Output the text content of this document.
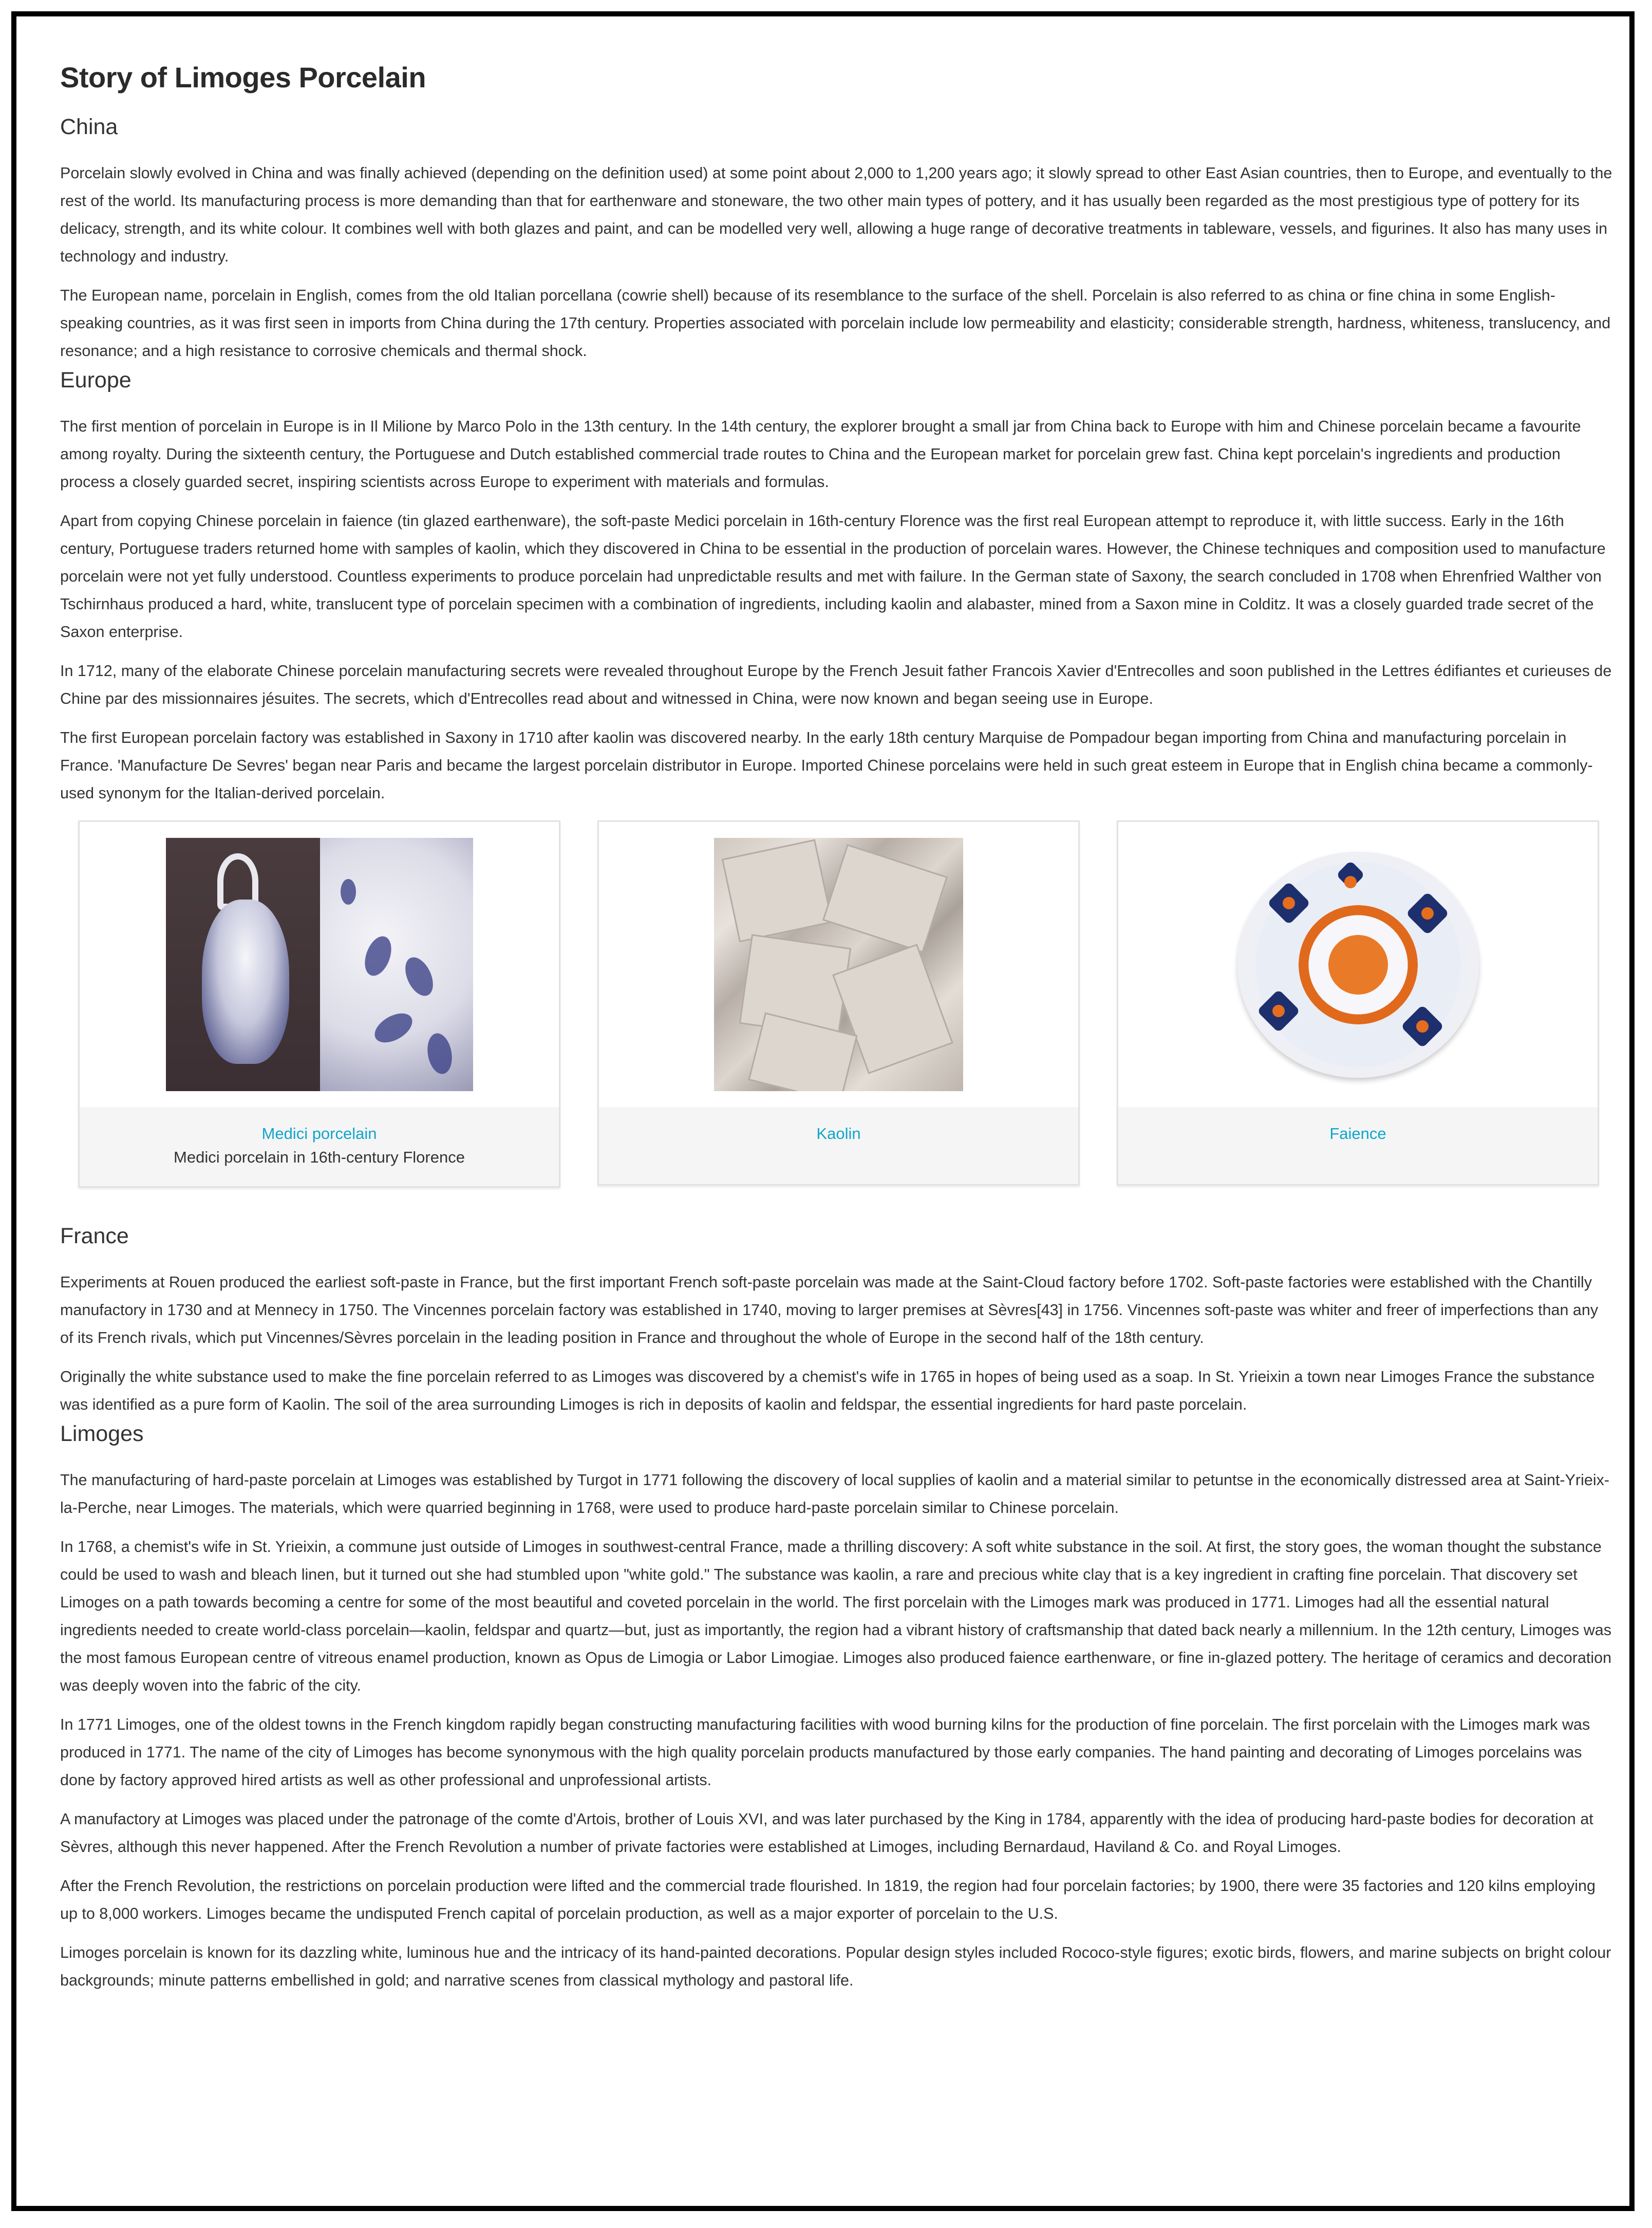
Story of Limoges Porcelain
China

Porcelain slowly evolved in China and was finally achieved (depending on the definition used) at some point about 2,000 to 1,200 years ago; it slowly spread to other East Asian countries, then to Europe, and eventually to the rest of the world. Its manufacturing process is more demanding than that for earthenware and stoneware, the two other main types of pottery, and it has usually been regarded as the most prestigious type of pottery for its delicacy, strength, and its white colour. It combines well with both glazes and paint, and can be modelled very well, allowing a huge range of decorative treatments in tableware, vessels, and figurines. It also has many uses in technology and industry.

The European name, porcelain in English, comes from the old Italian porcellana (cowrie shell) because of its resemblance to the surface of the shell. Porcelain is also referred to as china or fine china in some English-speaking countries, as it was first seen in imports from China during the 17th century. Properties associated with porcelain include low permeability and elasticity; considerable strength, hardness, whiteness, translucency, and resonance; and a high resistance to corrosive chemicals and thermal shock.

Europe

The first mention of porcelain in Europe is in Il Milione by Marco Polo in the 13th century. In the 14th century, the explorer brought a small jar from China back to Europe with him and Chinese porcelain became a favourite among royalty. During the sixteenth century, the Portuguese and Dutch established commercial trade routes to China and the European market for porcelain grew fast. China kept porcelain's ingredients and production process a closely guarded secret, inspiring scientists across Europe to experiment with materials and formulas.

Apart from copying Chinese porcelain in faience (tin glazed earthenware), the soft-paste Medici porcelain in 16th-century Florence was the first real European attempt to reproduce it, with little success. Early in the 16th century, Portuguese traders returned home with samples of kaolin, which they discovered in China to be essential in the production of porcelain wares. However, the Chinese techniques and composition used to manufacture porcelain were not yet fully understood. Countless experiments to produce porcelain had unpredictable results and met with failure. In the German state of Saxony, the search concluded in 1708 when Ehrenfried Walther von Tschirnhaus produced a hard, white, translucent type of porcelain specimen with a combination of ingredients, including kaolin and alabaster, mined from a Saxon mine in Colditz. It was a closely guarded trade secret of the Saxon enterprise.

In 1712, many of the elaborate Chinese porcelain manufacturing secrets were revealed throughout Europe by the French Jesuit father Francois Xavier d'Entrecolles and soon published in the Lettres édifiantes et curieuses de Chine par des missionnaires jésuites. The secrets, which d'Entrecolles read about and witnessed in China, were now known and began seeing use in Europe.

The first European porcelain factory was established in Saxony in 1710 after kaolin was discovered nearby. In the early 18th century Marquise de Pompadour began importing from China and manufacturing porcelain in France. 'Manufacture De Sevres' began near Paris and became the largest porcelain distributor in Europe. Imported Chinese porcelains were held in such great esteem in Europe that in English china became a commonly-used synonym for the Italian-derived porcelain.

Medici porcelain
Medici porcelain in 16th-century Florence
Kaolin	Faience
France

Experiments at Rouen produced the earliest soft-paste in France, but the first important French soft-paste porcelain was made at the Saint-Cloud factory before 1702. Soft-paste factories were established with the Chantilly manufactory in 1730 and at Mennecy in 1750. The Vincennes porcelain factory was established in 1740, moving to larger premises at Sèvres[43] in 1756. Vincennes soft-paste was whiter and freer of imperfections than any of its French rivals, which put Vincennes/Sèvres porcelain in the leading position in France and throughout the whole of Europe in the second half of the 18th century.

Originally the white substance used to make the fine porcelain referred to as Limoges was discovered by a chemist's wife in 1765 in hopes of being used as a soap. In St. Yrieixin a town near Limoges France the substance was identified as a pure form of Kaolin. The soil of the area surrounding Limoges is rich in deposits of kaolin and feldspar, the essential ingredients for hard paste porcelain.

Limoges

The manufacturing of hard-paste porcelain at Limoges was established by Turgot in 1771 following the discovery of local supplies of kaolin and a material similar to petuntse in the economically distressed area at Saint-Yrieix-la-Perche, near Limoges. The materials, which were quarried beginning in 1768, were used to produce hard-paste porcelain similar to Chinese porcelain.

In 1768, a chemist's wife in St. Yrieixin, a commune just outside of Limoges in southwest-central France, made a thrilling discovery: A soft white substance in the soil. At first, the story goes, the woman thought the substance could be used to wash and bleach linen, but it turned out she had stumbled upon "white gold." The substance was kaolin, a rare and precious white clay that is a key ingredient in crafting fine porcelain. That discovery set Limoges on a path towards becoming a centre for some of the most beautiful and coveted porcelain in the world. The first porcelain with the Limoges mark was produced in 1771. Limoges had all the essential natural ingredients needed to create world-class porcelain—kaolin, feldspar and quartz—but, just as importantly, the region had a vibrant history of craftsmanship that dated back nearly a millennium. In the 12th century, Limoges was the most famous European centre of vitreous enamel production, known as Opus de Limogia or Labor Limogiae. Limoges also produced faience earthenware, or fine in-glazed pottery. The heritage of ceramics and decoration was deeply woven into the fabric of the city.

In 1771 Limoges, one of the oldest towns in the French kingdom rapidly began constructing manufacturing facilities with wood burning kilns for the production of fine porcelain. The first porcelain with the Limoges mark was produced in 1771. The name of the city of Limoges has become synonymous with the high quality porcelain products manufactured by those early companies. The hand painting and decorating of Limoges porcelains was done by factory approved hired artists as well as other professional and unprofessional artists.

A manufactory at Limoges was placed under the patronage of the comte d'Artois, brother of Louis XVI, and was later purchased by the King in 1784, apparently with the idea of producing hard-paste bodies for decoration at Sèvres, although this never happened. After the French Revolution a number of private factories were established at Limoges, including Bernardaud, Haviland & Co. and Royal Limoges.

After the French Revolution, the restrictions on porcelain production were lifted and the commercial trade flourished. In 1819, the region had four porcelain factories; by 1900, there were 35 factories and 120 kilns employing up to 8,000 workers. Limoges became the undisputed French capital of porcelain production, as well as a major exporter of porcelain to the U.S.

Limoges porcelain is known for its dazzling white, luminous hue and the intricacy of its hand-painted decorations. Popular design styles included Rococo-style figures; exotic birds, flowers, and marine subjects on bright colour backgrounds; minute patterns embellished in gold; and narrative scenes from classical mythology and pastoral life.
